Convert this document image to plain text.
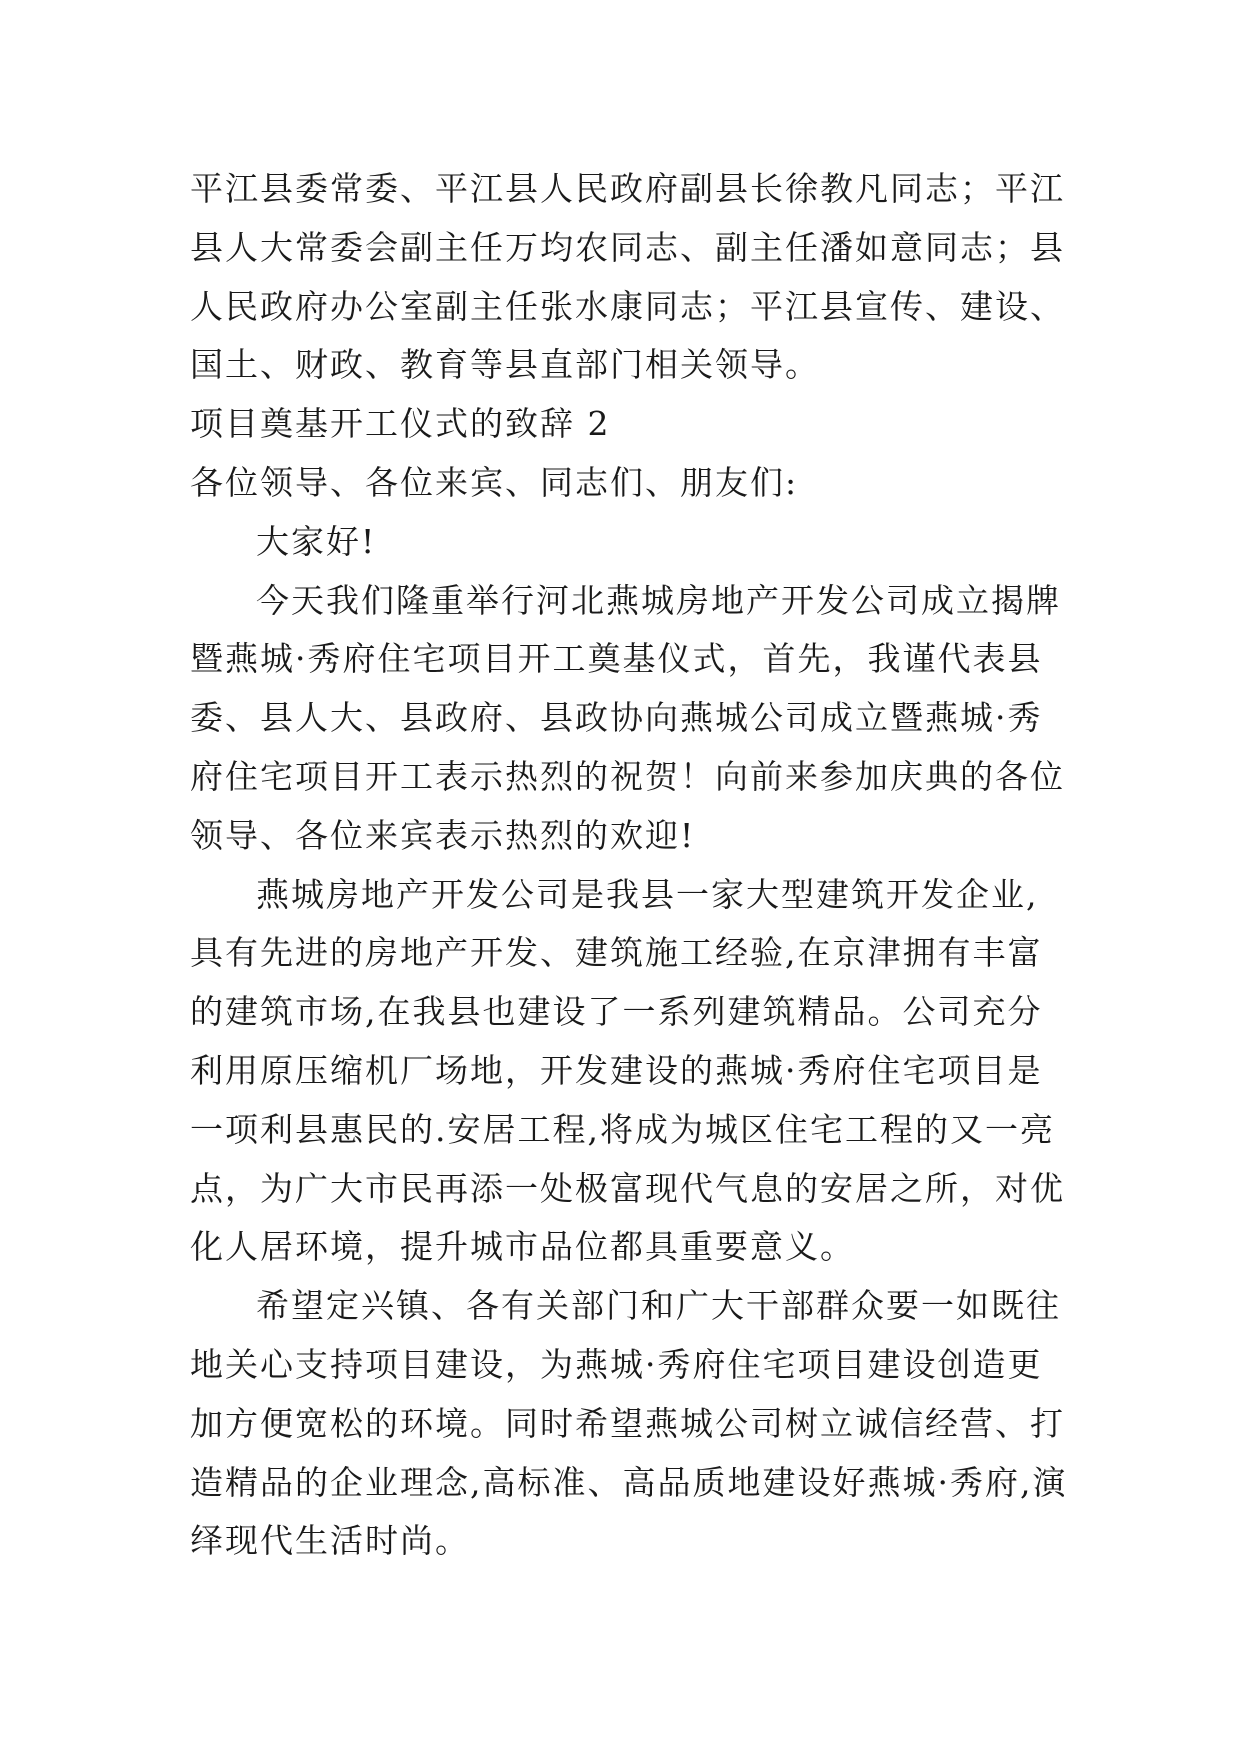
平江县委常委、平江县人民政府副县长徐教凡同志；平江县人大常委会副主任万均农同志、副主任潘如意同志；县人民政府办公室副主任张水康同志；平江县宣传、建设、国土、财政、教育等县直部门相关领导。

项目奠基开工仪式的致辞 2

各位领导、各位来宾、同志们、朋友们:

大家好!

今天我们隆重举行河北燕城房地产开发公司成立揭牌暨燕城·秀府住宅项目开工奠基仪式，首先，我谨代表县委、县人大、县政府、县政协向燕城公司成立暨燕城·秀府住宅项目开工表示热烈的祝贺！向前来参加庆典的各位领导、各位来宾表示热烈的欢迎!

燕城房地产开发公司是我县一家大型建筑开发企业,具有先进的房地产开发、建筑施工经验,在京津拥有丰富的建筑市场,在我县也建设了一系列建筑精品。公司充分利用原压缩机厂场地，开发建设的燕城·秀府住宅项目是一项利县惠民的.安居工程,将成为城区住宅工程的又一亮点，为广大市民再添一处极富现代气息的安居之所，对优化人居环境，提升城市品位都具重要意义。

希望定兴镇、各有关部门和广大干部群众要一如既往地关心支持项目建设，为燕城·秀府住宅项目建设创造更加方便宽松的环境。同时希望燕城公司树立诚信经营、打造精品的企业理念,高标准、高品质地建设好燕城·秀府,演绎现代生活时尚。
